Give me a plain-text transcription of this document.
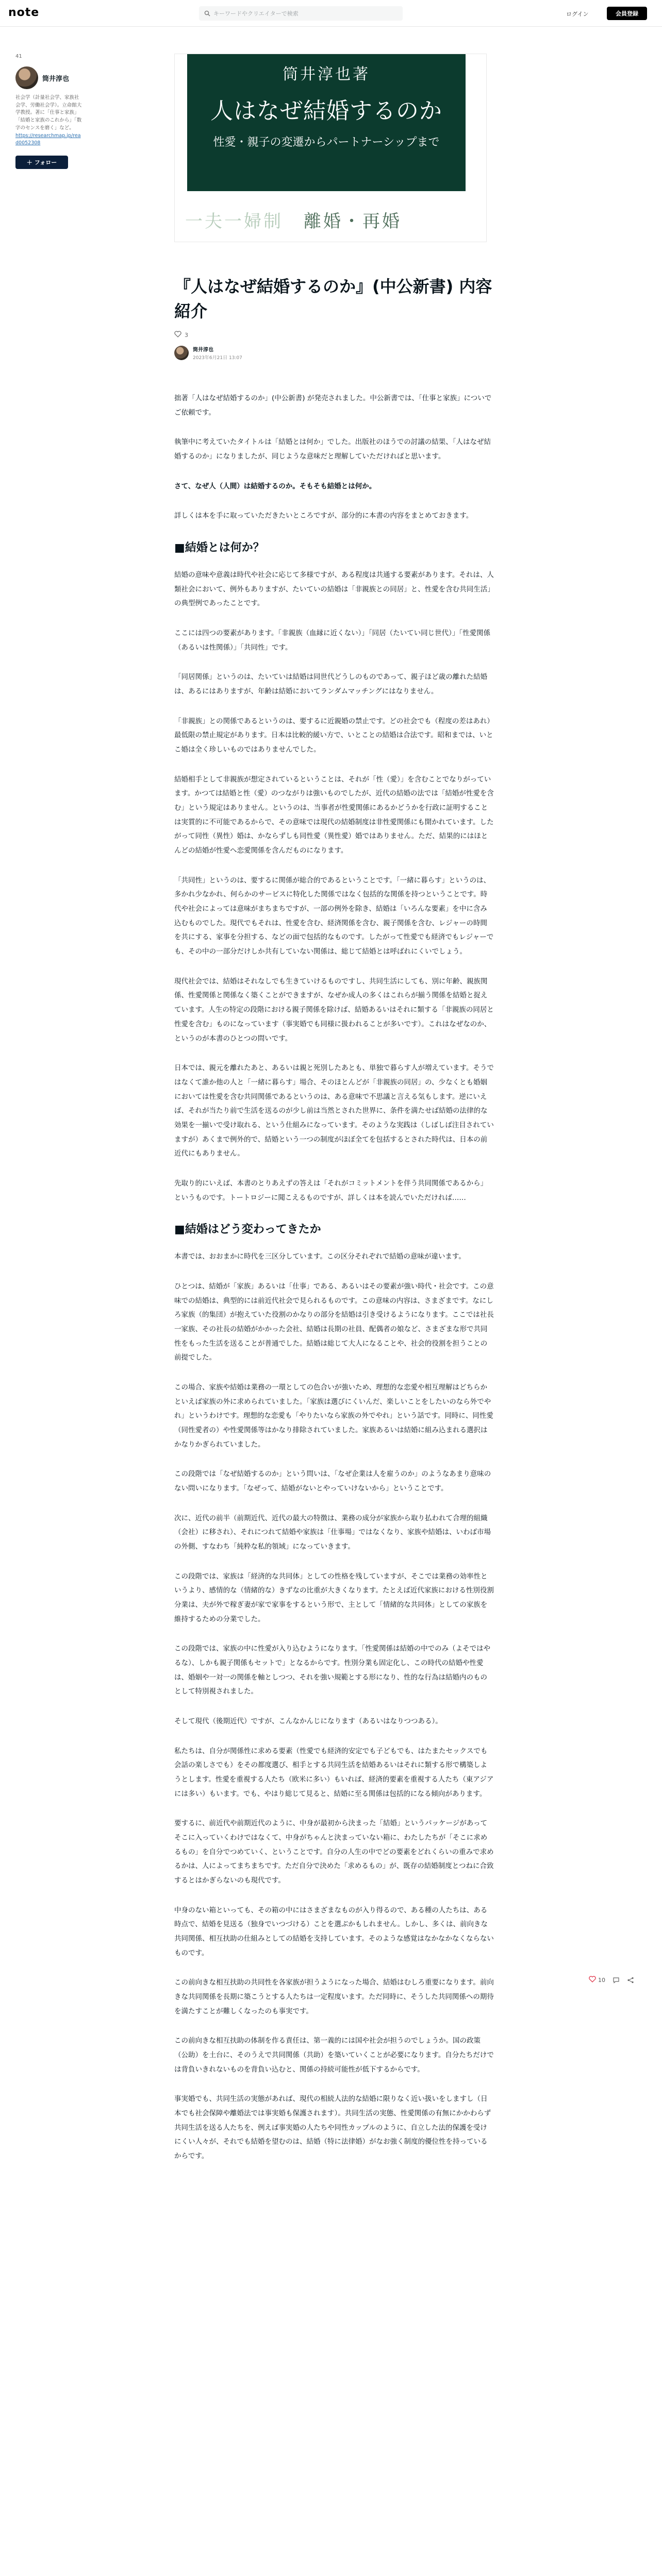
note
キーワードやクリエイターで検索	ログイン	会員登録
41
筒井淳也
社会学（計量社会学、家族社会学、労働社会学）。立命館大学教授。著に「仕事と家族」「結婚と家族のこれから」「数字のセンスを磨く」など。
https://researchmap.jp/read0052308
＋ フォロー
筒井淳也著
人はなぜ結婚するのか
性愛・親子の変遷からパートナーシップまで
一夫一婦制 離婚・再婚
『人はなぜ結婚するのか』(中公新書) 内容紹介
3
筒井淳也
2023年6月21日 13:07

拙著「人はなぜ結婚するのか」(中公新書) が発売されました。中公新書では、「仕事と家族」についでご依頼です。

執筆中に考えていたタイトルは「結婚とは何か」でした。出版社のほうでの討議の結果、「人はなぜ結婚するのか」になりましたが、同じような意味だと理解していただければと思います。

さて、なぜ人（人間）は結婚するのか。そもそも結婚とは何か。

詳しくは本を手に取っていただきたいところですが、部分的に本書の内容をまとめておきます。

■結婚とは何か？

結婚の意味や意義は時代や社会に応じて多様ですが、ある程度は共通する要素があります。それは、人類社会において、例外もありますが、たいていの結婚は「非親族との同居」と、性愛を含む共同生活」の典型例であったことです。

ここには四つの要素があります。「非親族（血縁に近くない）」「同居（たいてい同じ世代）」「性愛関係（あるいは性関係）」「共同性」です。

「同居関係」というのは、たいていは結婚は同世代どうしのものであって、親子ほど歳の離れた結婚は、あるにはありますが、年齢は結婚においてランダムマッチングにはなりません。

「非親族」との関係であるというのは、要するに近親婚の禁止です。どの社会でも（程度の差はあれ）最低限の禁止規定があります。日本は比較的緩い方で、いとことの結婚は合法です。昭和までは、いとこ婚は全く珍しいものではありませんでした。

結婚相手として非親族が想定されているということは、それが「性（愛）」を含むことでなりがっています。かつては結婚と性（愛）のつながりは強いものでしたが、近代の結婚の法では「結婚が性愛を含む」という規定はありません。というのは、当事者が性愛関係にあるかどうかを行政に証明することは実質的に不可能であるからで、その意味では現代の結婚制度は非性愛関係にも開かれています。したがって同性（異性）婚は、かならずしも同性愛（異性愛）婚ではありません。ただ、結果的にはほとんどの結婚が性愛へ恋愛関係を含んだものになります。

「共同性」というのは、要するに関係が総合的であるということです。「一緒に暮らす」というのは、多かれ少なかれ、何らかのサービスに特化した関係ではなく包括的な関係を持つということです。時代や社会によっては意味がまちまちですが、一部の例外を除き、結婚は「いろんな要素」を中に含み込むものでした。現代でもそれは、性愛を含む、経済関係を含む、親子関係を含む、レジャーの時間を共にする、家事を分担する、などの面で包括的なものです。したがって性愛でも経済でもレジャーでも、その中の一部分だけしか共有していない関係は、総じて結婚とは呼ばれにくいでしょう。

現代社会では、結婚はそれなしでも生きていけるものですし、共同生活にしても、別に年齢、親族関係、性愛関係と関係なく築くことができますが、なぜか成人の多くはこれらが揃う関係を結婚と捉えています。人生の特定の段階における親子関係を除けば、結婚あるいはそれに類する「非親族の同居と性愛を含む」ものになっています（事実婚でも同様に扱われることが多いです）。これはなぜなのか、というのが本書のひとつの問いです。

日本では、親元を離れたあと、あるいは親と死別したあとも、単独で暮らす人が増えています。そうではなくて誰か他の人と「一緒に暮らす」場合、そのほとんどが「非親族の同居」の、少なくとも婚姻においては性愛を含む共同関係であるというのは、ある意味で不思議と言える気もします。逆にいえば、それが当たり前で生活を送るのが少し前は当然とされた世界に、条件を満たせば結婚の法律的な効果を一揃いで受け取れる、という仕組みになっています。そのような実践は（しばしば注目されていますが）あくまで例外的で、結婚という一つの制度がほぼ全てを包括するとされた時代は、日本の前近代にもありません。

先取り的にいえば、本書のとりあえずの答えは「それがコミットメントを伴う共同関係であるから」というものです。トートロジーに聞こえるものですが、詳しくは本を読んでいただければ……

■結婚はどう変わってきたか

本書では、おおまかに時代を三区分しています。この区分それぞれで結婚の意味が違います。

ひとつは、結婚が「家族」あるいは「仕事」である、あるいはその要素が強い時代・社会です。この意味での結婚は、典型的には前近代社会で見られるものです。この意味の内容は、さまざまです。なにしろ家族（的集団）が抱えていた役割のかなりの部分を結婚は引き受けるようになります。ここでは社長一家族、その社長の結婚がかかった会社、結婚は長期の社員、配偶者の娘など、さまざまな形で共同性をもった生活を送ることが普通でした。結婚は総じて大人になることや、社会的役割を担うことの前提でした。

この場合、家族や結婚は業務の一環としての色合いが強いため、理想的な恋愛や相互理解はどちらかといえば家族の外に求められていました。「家族は選びにくいんだ、楽しいことをしたいのなら外でやれ」というわけです。理想的な恋愛も「やりたいなら家族の外でやれ」という話です。同時に、同性愛（同性愛者の）や性愛関係等はかなり排除されていました。家族あるいは結婚に組み込まれる選択はかなりかぎられていました。

この段階では「なぜ結婚するのか」という問いは、「なぜ企業は人を雇うのか」のようなあまり意味のない問いになります。「なぜって、結婚がないとやっていけないから」ということです。

次に、近代の前半（前期近代、近代の最大の特徴は、業務の成分が家族から取り払われて合理的組織（会社）に移され）、それにつれて結婚や家族は「仕事場」ではなくなり、家族や結婚は、いわば市場の外側、すなわち「純粋な私的領域」になっていきます。

この段階では、家族は「経済的な共同体」としての性格を残していますが、そこでは業務の効率性というより、感情的な（情緒的な）きずなの比重が大きくなります。たとえば近代家族における性別役割分業は、夫が外で稼ぎ妻が家で家事をするという形で、主として「情緒的な共同体」としての家族を維持するための分業でした。

この段階では、家族の中に性愛が入り込むようになります。「性愛関係は結婚の中でのみ（よそではやるな）、しかも親子関係もセットで」となるからです。性別分業も固定化し、この時代の結婚や性愛は、婚姻や一対一の関係を軸としつつ、それを強い規範とする形になり、性的な行為は結婚内のものとして特別視されました。

そして現代（後期近代）ですが、こんなかんじになります（あるいはなりつつある）。

私たちは、自分が関係性に求める要素（性愛でも経済的安定でも子どもでも、はたまたセックスでも会話の楽しさでも）をその都度選び、相手とする共同生活を結婚あるいはそれに類する形で構築しようとします。性愛を重視する人たち（欧米に多い）もいれば、経済的要素を重視する人たち（東アジアには多い）もいます。でも、やはり総じて見ると、結婚に至る関係は包括的になる傾向があります。

要するに、前近代や前期近代のように、中身が最初から決まった「結婚」というパッケージがあってそこに入っていくわけではなくて、中身がちゃんと決まっていない箱に、わたしたちが「そこに求めるもの」を自分でつめていく、ということです。自分の人生の中でどの要素をどれくらいの重みで求めるかは、人によってまちまちです。ただ自分で決めた「求めるもの」が、既存の結婚制度とつねに合致するとはかぎらないのも現代です。

中身のない箱といっても、その箱の中にはさまざまなものが入り得るので、ある種の人たちは、ある時点で、結婚を見送る（独身でいつづける）ことを選ぶかもしれません。しかし、多くは、前向きな共同関係、相互扶助の仕組みとしての結婚を支持しています。そのような感覚はなかなかなくならないものです。

この前向きな相互扶助の共同性を各家族が担うようになった場合、結婚はむしろ重要になります。前向きな共同関係を長期に築こうとする人たちは一定程度います。ただ同時に、そうした共同関係への期待を満たすことが難しくなったのも事実です。

この前向きな相互扶助の体制を作る責任は、第一義的には国や社会が担うのでしょうか。国の政策（公助）を土台に、そのうえで共同関係（共助）を築いていくことが必要になります。自分たちだけでは背負いきれないものを背負い込むと、関係の持続可能性が低下するからです。

事実婚でも、共同生活の実態があれば、現代の相続人法的な結婚に限りなく近い扱いをしますし（日本でも社会保障や離婚法では事実婚も保護されます）。共同生活の実態、性愛関係の有無にかかわらず共同生活を送る人たちを、例えば事実婚の人たちや同性カップルのように、自立した法的保護を受けにくい人々が、それでも結婚を望むのは、結婚（特に法律婚）がなお強く制度的優位性を持っているからです。

10
